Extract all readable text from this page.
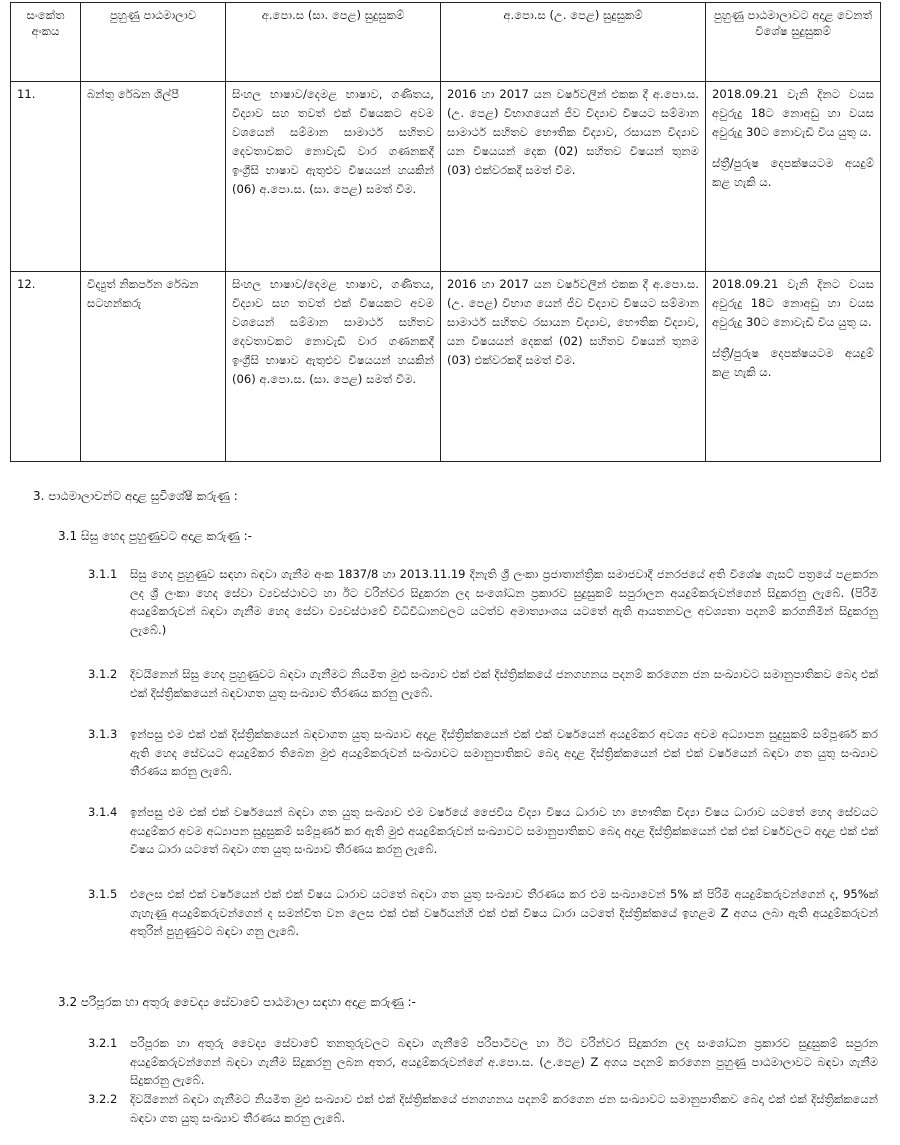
සංකේත අංකය	පුහුණු පාඨමාලාව	අ.පො.ස (සා. පෙළ) සුදුසුකම්	අ.පො.ස (උ. පෙළ) සුදුසුකම්	පුහුණු පාඨමාලාවට අදාළ වෙනත් විශේෂ සුදුසුකම්
11.	බන්තු රේඛන ශිල්පී	සිංහල භාෂාව/දෙමළ භාෂාව, ගණිතය, විද්‍යාව සහ තවත් එක් විෂයකට අවම වශයෙන් සම්මාන සාමාර්ථ සහිතව දෙවතාවකට නොවැඩි වාර ගණනකදී ඉංග්‍රීසි භාෂාව ඇතුළුව විෂයයන් හයකින් (06) අ.පො.ස. (සා. පෙළ) සමත් වීම.	2016 හා 2017 යන වර්ෂවලින් එකක දී අ.පො.ස. (උ. පෙළ) විභාගයෙන් ජීව විද්‍යාව විෂයට සම්මාන සාමාර්ථ සහිතව භෞතික විද්‍යාව, රසායන විද්‍යාව යන විෂයයන් දෙක (02) සහිතව විෂයන් තුනම (03) එක්වරකදී සමත් වීම.	2018.09.21 වැනි දිනට වයස අවුරුදු 18ට නොඅඩු හා වයස අවුරුදු 30ට නොවැඩි විය යුතු ය.

ස්ත්‍රී/පුරුෂ දෙපක්ෂයටම අයදුම් කළ හැකි ය.

12.	විද්‍යුත් නිකර්පන රේඛන සටහන්කරු	සිංහල භාෂාව/දෙමළ භාෂාව, ගණිතය, විද්‍යාව සහ තවත් එක් විෂයකට අවම වශයෙන් සම්මාන සාමාර්ථ සහිතව දෙවතාවකට නොවැඩි වාර ගණනකදී ඉංග්‍රීසි භාෂාව ඇතුළුව විෂයයන් හයකින් (06) අ.පො.ස. (සා. පෙළ) සමත් වීම.	2016 හා 2017 යන වර්ෂවලින් එකක දී අ.පො.ස. (උ. පෙළ) විභාග යෙන් ජීව විද්‍යාව විෂයට සම්මාන සාමාර්ථ සහිතව රසායන විද්‍යාව, භෞතික විද්‍යාව, යන විෂයයන් දෙකක් (02) සහිතව විෂයන් තුනම (03) එක්වරකදී සමත් වීම.	2018.09.21 වැනි දිනට වයස අවුරුදු 18ට නොඅඩු හා වයස අවුරුදු 30ට නොවැඩි විය යුතු ය.

ස්ත්‍රී/පුරුෂ දෙපක්ෂයටම අයදුම් කළ හැකි ය.

3. පාඨමාලාවන්ට අදාළ සුවිශේෂී කරුණු :
3.1 සිසු හෙද පුහුණුවට අදාළ කරුණු :-
3.1.1	සිසු හෙද පුහුණුව සඳහා බඳවා ගැනීම අංක 1837/8 හා 2013.11.19 දිනැති ශ්‍රී ලංකා ප්‍රජාතාන්ත්‍රික සමාජවාදී ජනරජයේ අති විශේෂ ගැසට් පත්‍රයේ පළකරන ලද ශ්‍රී ලංකා හෙද සේවා ව්‍යවස්ථාවට හා ඊට වරින්වර සිදුකරන ලද සංශෝධන ප්‍රකාරව සුදුසුකම් සපුරාලන අයදුම්කරුවන්ගෙන් සිදුකරනු ලැබේ. (පිරිමි අයදුම්කරුවන් බඳවා ගැනීම හෙද සේවා ව්‍යවස්ථාවේ විධිවිධානවලට යටත්ව අමාත්‍යාංශය යටතේ ඇති ආයතනවල අවශ්‍යතා පදනම් කරගනිමින් සිදුකරනු ලැබේ.)
3.1.2	දිවයිනෙන් සිසු හෙද පුහුණුවට බඳවා ගැනීමට නියමිත මුළු සංඛ්‍යාව එක් එක් දිස්ත්‍රික්කයේ ජනගහනය පදනම් කරගෙන ජන සංඛ්‍යාවට සමානුපාතිකව බෙදා එක් එක් දිස්ත්‍රික්කයෙන් බඳවාගත යුතු සංඛ්‍යාව තීරණය කරනු ලැබේ.
3.1.3	ඉන්පසු එම එක් එක් දිස්ත්‍රික්කයෙන් බඳවාගත යුතු සංඛ්‍යාව අදාළ දිස්ත්‍රික්කයෙන් එක් එක් වර්ෂයෙන් අයදුම්කර අවශ්‍ය අවම අධ්‍යාපන සුදුසුකම් සම්පූර්ණ කර ඇති හෙද සේවයට අයදුම්කර තිබෙන මුළු අයදුම්කරුවන් සංඛ්‍යාවට සමානුපාතිකව බෙදා අදාළ දිස්ත්‍රික්කයෙන් එක් එක් වර්ෂයෙන් බඳවා ගත යුතු සංඛ්‍යාව තීරණය කරනු ලැබේ.
3.1.4	ඉන්පසු එම එක් එක් වර්ෂයෙන් බඳවා ගත යුතු සංඛ්‍යාව එම වර්ෂයේ ජෛවීය විද්‍යා විෂය ධාරාව හා භෞතික විද්‍යා විෂය ධාරාව යටතේ හෙද සේවයට අයදුම්කර අවම අධ්‍යාපන සුදුසුකම් සම්පූර්ණ කර ඇති මුළු අයදුම්කරුවන් සංඛ්‍යාවට සමානුපාතිකව බෙදා අදාළ දිස්ත්‍රික්කයෙන් එක් එක් වර්ෂවලට අදාළ එක් එක් විෂය ධාරා යටතේ බඳවා ගත යුතු සංඛ්‍යාව තීරණය කරනු ලැබේ.
3.1.5	එලෙස එක් එක් වර්ෂයෙන් එක් එක් විෂය ධාරාව යටතේ බඳවා ගත යුතු සංඛ්‍යාව තීරණය කර එම සංඛ්‍යාවෙන් 5% ක් පිරිමි අයදුම්කරුවන්ගෙන් ද, 95%ක් ගැහැණු අයදුම්කරුවන්ගෙන් ද සමන්විත වන ලෙස එක් එක් වර්ෂයන්හි එක් එක් විෂය ධාරා යටතේ දිස්ත්‍රික්කයේ ඉහළම Z අගය ලබා ඇති අයදුම්කරුවන් අතුරින් පුහුණුවට බඳවා ගනු ලැබේ.
3.2 පරිපූරක හා අතුරු වෛද්‍ය සේවාවේ පාඨමාලා සඳහා අදාළ කරුණු :-
3.2.1	පරිපූරක හා අතුරු වෛද්‍ය සේවාවේ තනතුරුවලට බඳවා ගැනීමේ පරිපාටිවල හා ඊට වරින්වර සිදුකරන ලද සංශෝධන ප්‍රකාරව සුදුසුකම් සපුරන අයදුම්කරුවන්ගෙන් බඳවා ගැනීම සිදුකරනු ලබන අතර, අයදුම්කරුවන්ගේ අ.පො.ස. (උ.පෙළ) Z අගය පදනම් කරගෙන පුහුණු පාඨමාලාවට බඳවා ගැනීම සිදුකරනු ලැබේ.
3.2.2	දිවයිනෙන් බඳවා ගැනීමට නියමිත මුළු සංඛ්‍යාව එක් එක් දිස්ත්‍රික්කයේ ජනගහනය පදනම් කරගෙන ජන සංඛ්‍යාවට සමානුපාතිකව බෙදා එක් එක් දිස්ත්‍රික්කයෙන් බඳවා ගත යුතු සංඛ්‍යාව තීරණය කරනු ලැබේ.
